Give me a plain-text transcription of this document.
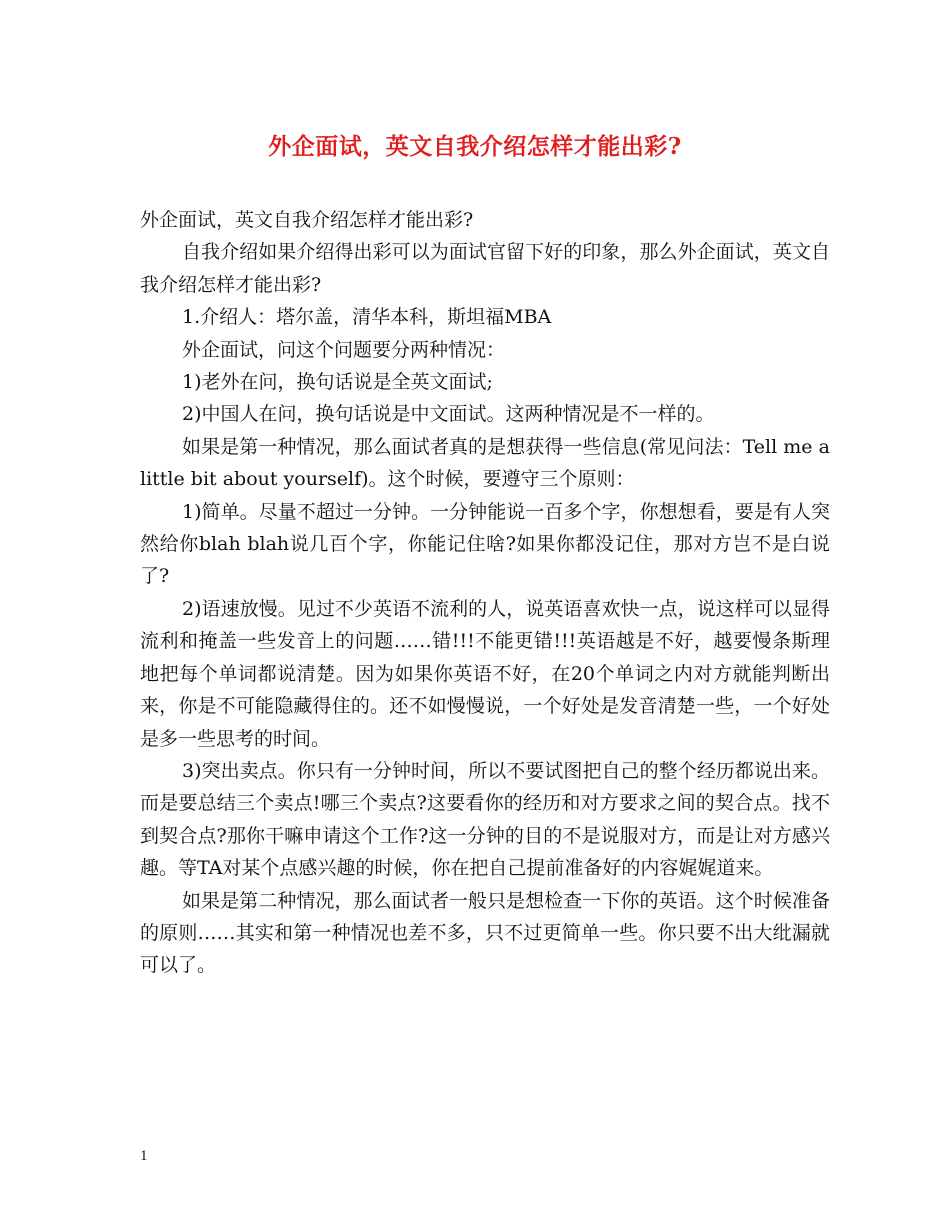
外企面试，英文自我介绍怎样才能出彩?

外企面试，英文自我介绍怎样才能出彩?

自我介绍如果介绍得出彩可以为面试官留下好的印象，那么外企面试，英文自我介绍怎样才能出彩?

1.介绍人：塔尔盖，清华本科，斯坦福MBA

外企面试，问这个问题要分两种情况：

1)老外在问，换句话说是全英文面试;

2)中国人在问，换句话说是中文面试。这两种情况是不一样的。

如果是第一种情况，那么面试者真的是想获得一些信息(常见问法：Tell me a little bit about yourself)。这个时候，要遵守三个原则：

1)简单。尽量不超过一分钟。一分钟能说一百多个字，你想想看，要是有人突然给你blah blah说几百个字，你能记住啥?如果你都没记住，那对方岂不是白说了?

2)语速放慢。见过不少英语不流利的人，说英语喜欢快一点，说这样可以显得流利和掩盖一些发音上的问题……错!!!不能更错!!!英语越是不好，越要慢条斯理地把每个单词都说清楚。因为如果你英语不好，在20个单词之内对方就能判断出来，你是不可能隐藏得住的。还不如慢慢说，一个好处是发音清楚一些，一个好处是多一些思考的时间。

3)突出卖点。你只有一分钟时间，所以不要试图把自己的整个经历都说出来。而是要总结三个卖点!哪三个卖点?这要看你的经历和对方要求之间的契合点。找不到契合点?那你干嘛申请这个工作?这一分钟的目的不是说服对方，而是让对方感兴趣。等TA对某个点感兴趣的时候，你在把自己提前准备好的内容娓娓道来。

如果是第二种情况，那么面试者一般只是想检查一下你的英语。这个时候准备的原则……其实和第一种情况也差不多，只不过更简单一些。你只要不出大纰漏就可以了。

1
